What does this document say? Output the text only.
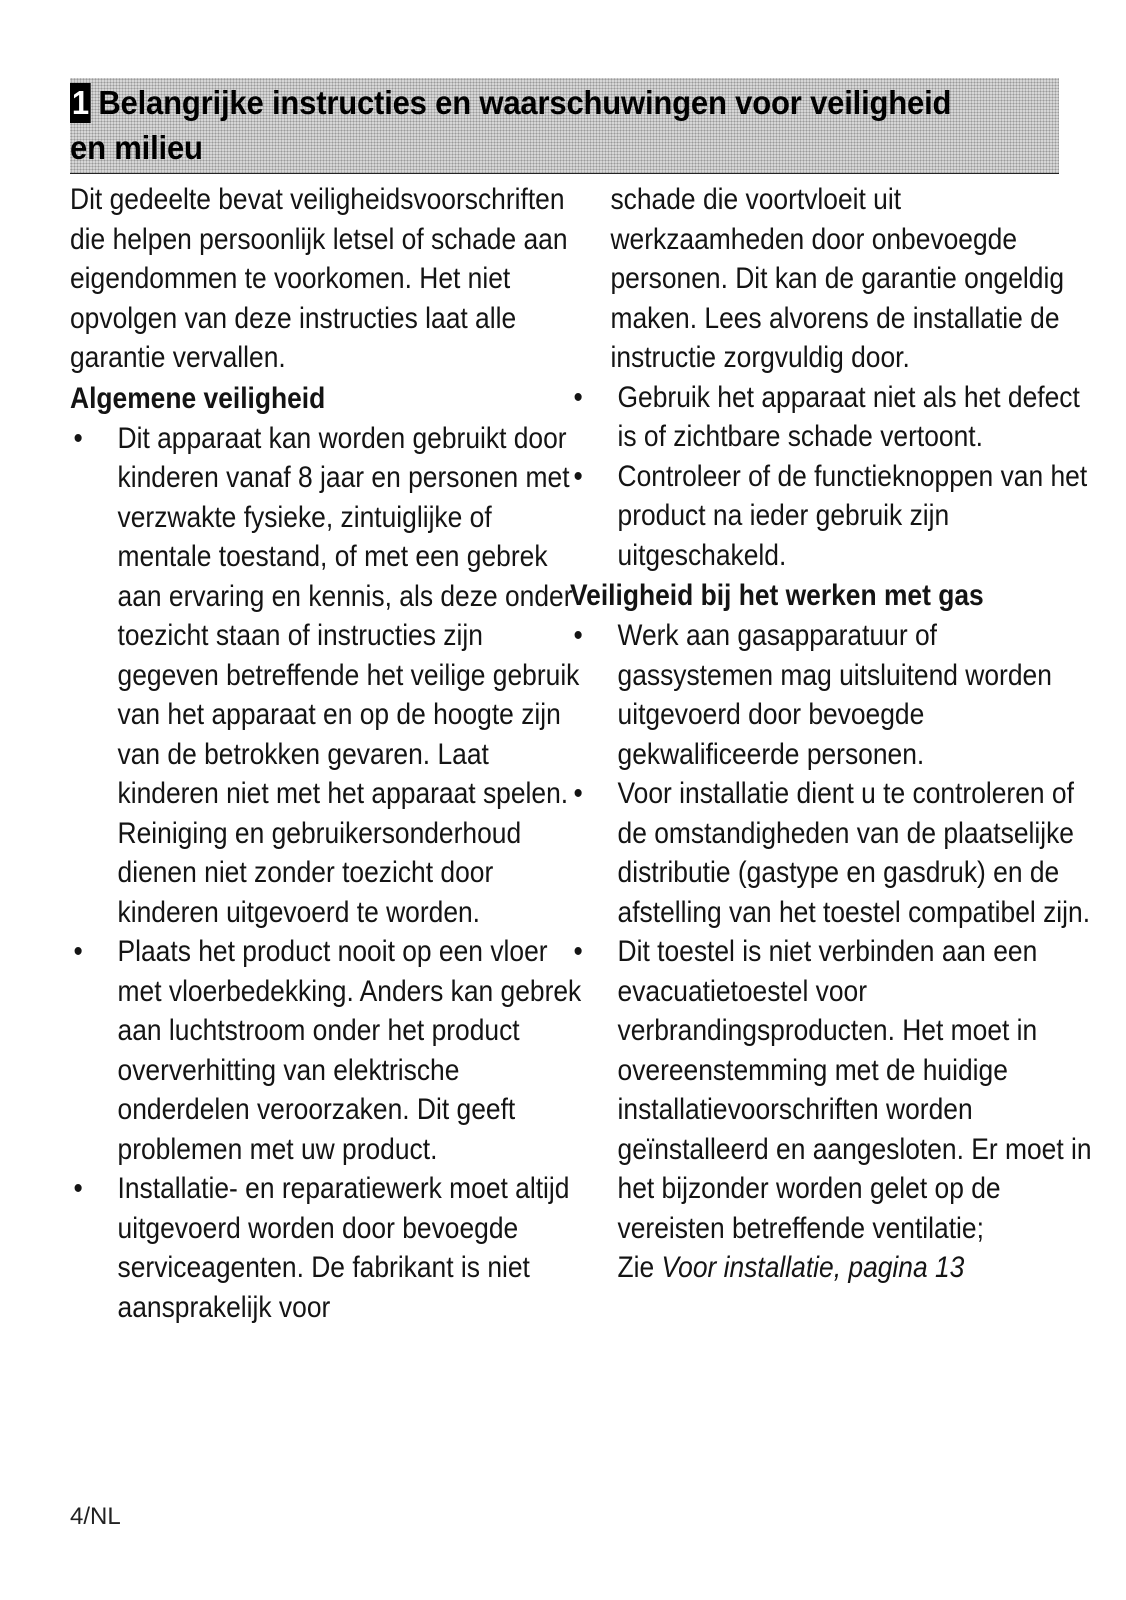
1 Belangrijke instructies en waarschuwingen voor veiligheid en milieu

Dit gedeelte bevat veiligheidsvoorschriften die helpen persoonlijk letsel of schade aan eigendommen te voorkomen. Het niet opvolgen van deze instructies laat alle garantie vervallen.

Algemene veiligheid

• Dit apparaat kan worden gebruikt door kinderen vanaf 8 jaar en personen met verzwakte fysieke, zintuiglijke of mentale toestand, of met een gebrek aan ervaring en kennis, als deze onder toezicht staan of instructies zijn gegeven betreffende het veilige gebruik van het apparaat en op de hoogte zijn van de betrokken gevaren. Laat kinderen niet met het apparaat spelen. Reiniging en gebruikersonderhoud dienen niet zonder toezicht door kinderen uitgevoerd te worden.
• Plaats het product nooit op een vloer met vloerbedekking. Anders kan gebrek aan luchtstroom onder het product oververhitting van elektrische onderdelen veroorzaken. Dit geeft problemen met uw product.
• Installatie- en reparatiewerk moet altijd uitgevoerd worden door bevoegde serviceagenten. De fabrikant is niet aansprakelijk voor

schade die voortvloeit uit werkzaamheden door onbevoegde personen. Dit kan de garantie ongeldig maken. Lees alvorens de installatie de instructie zorgvuldig door.

• Gebruik het apparaat niet als het defect is of zichtbare schade vertoont.
• Controleer of de functieknoppen van het product na ieder gebruik zijn uitgeschakeld.

Veiligheid bij het werken met gas

• Werk aan gasapparatuur of gassystemen mag uitsluitend worden uitgevoerd door bevoegde gekwalificeerde personen.
• Voor installatie dient u te controleren of de omstandigheden van de plaatselijke distributie (gastype en gasdruk) en de afstelling van het toestel compatibel zijn.
• Dit toestel is niet verbinden aan een evacuatietoestel voor verbrandingsproducten. Het moet in overeenstemming met de huidige installatievoorschriften worden geïnstalleerd en aangesloten. Er moet in het bijzonder worden gelet op de vereisten betreffende ventilatie;
Zie Voor installatie, pagina 13
4/NL
